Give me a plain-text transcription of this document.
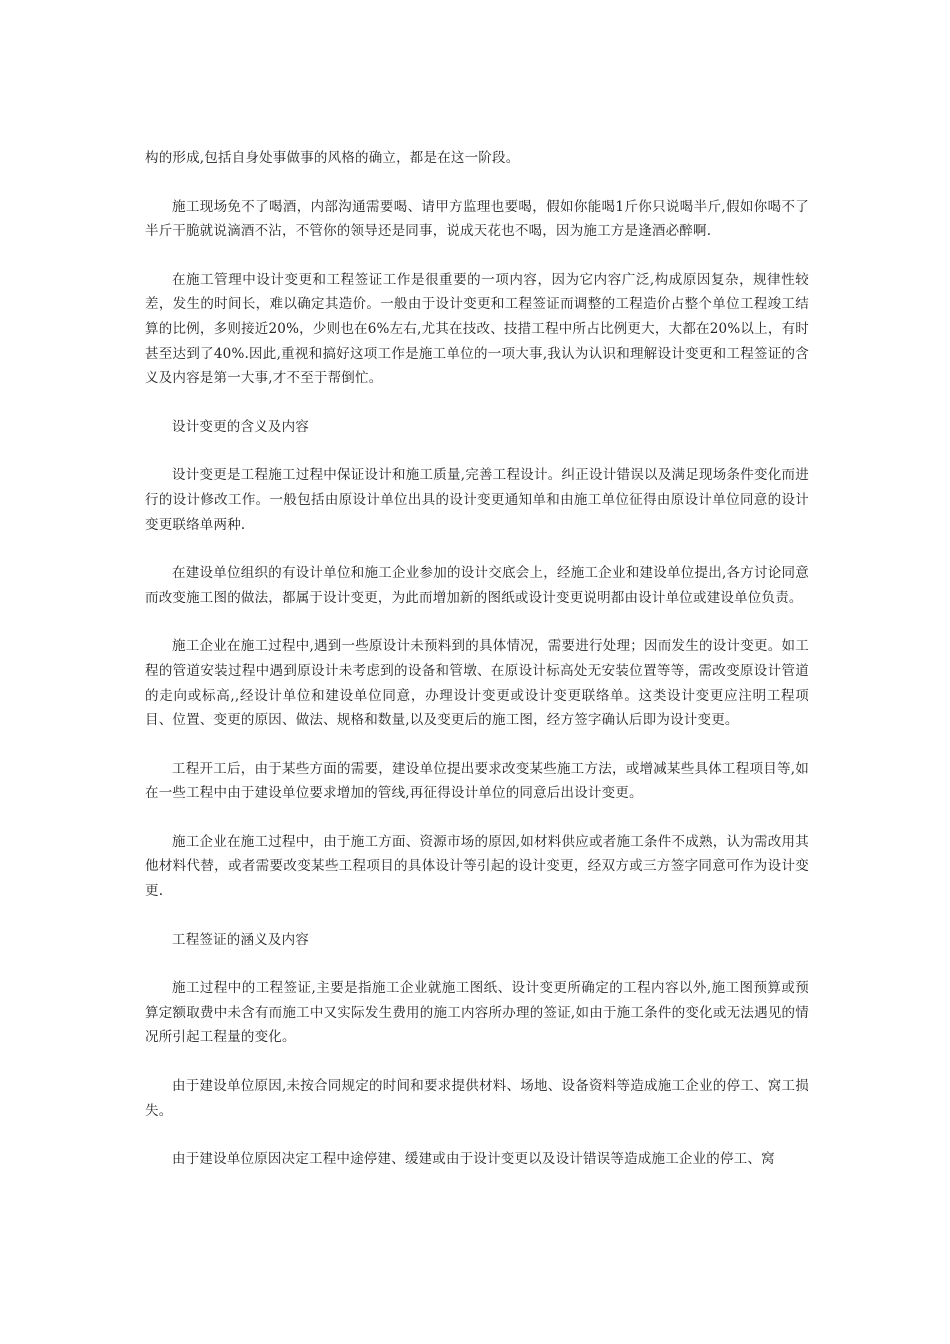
构的形成,包括自身处事做事的风格的确立，都是在这一阶段。

施工现场免不了喝酒，内部沟通需要喝、请甲方监理也要喝，假如你能喝1斤你只说喝半斤,假如你喝不了半斤干脆就说滴酒不沾，不管你的领导还是同事，说成天花也不喝，因为施工方是逢酒必醉啊.

在施工管理中设计变更和工程签证工作是很重要的一项内容，因为它内容广泛,构成原因复杂，规律性较差，发生的时间长，难以确定其造价。一般由于设计变更和工程签证而调整的工程造价占整个单位工程竣工结算的比例，多则接近20%，少则也在6%左右,尤其在技改、技措工程中所占比例更大，大都在20%以上，有时甚至达到了40%.因此,重视和搞好这项工作是施工单位的一项大事,我认为认识和理解设计变更和工程签证的含义及内容是第一大事,才不至于帮倒忙。

设计变更的含义及内容

设计变更是工程施工过程中保证设计和施工质量,完善工程设计。纠正设计错误以及满足现场条件变化而进行的设计修改工作。一般包括由原设计单位出具的设计变更通知单和由施工单位征得由原设计单位同意的设计变更联络单两种.

在建设单位组织的有设计单位和施工企业参加的设计交底会上，经施工企业和建设单位提出,各方讨论同意而改变施工图的做法，都属于设计变更，为此而增加新的图纸或设计变更说明都由设计单位或建设单位负责。

施工企业在施工过程中,遇到一些原设计未预料到的具体情况，需要进行处理；因而发生的设计变更。如工程的管道安装过程中遇到原设计未考虑到的设备和管墩、在原设计标高处无安装位置等等，需改变原设计管道的走向或标高,,经设计单位和建设单位同意，办理设计变更或设计变更联络单。这类设计变更应注明工程项目、位置、变更的原因、做法、规格和数量,以及变更后的施工图，经方签字确认后即为设计变更。

工程开工后，由于某些方面的需要，建设单位提出要求改变某些施工方法，或增减某些具体工程项目等,如在一些工程中由于建设单位要求增加的管线,再征得设计单位的同意后出设计变更。

施工企业在施工过程中，由于施工方面、资源市场的原因,如材料供应或者施工条件不成熟，认为需改用其他材料代替，或者需要改变某些工程项目的具体设计等引起的设计变更，经双方或三方签字同意可作为设计变更.

工程签证的涵义及内容

施工过程中的工程签证,主要是指施工企业就施工图纸、设计变更所确定的工程内容以外,施工图预算或预算定额取费中未含有而施工中又实际发生费用的施工内容所办理的签证,如由于施工条件的变化或无法遇见的情况所引起工程量的变化。

由于建设单位原因,未按合同规定的时间和要求提供材料、场地、设备资料等造成施工企业的停工、窝工损失。

由于建设单位原因决定工程中途停建、缓建或由于设计变更以及设计错误等造成施工企业的停工、窝
